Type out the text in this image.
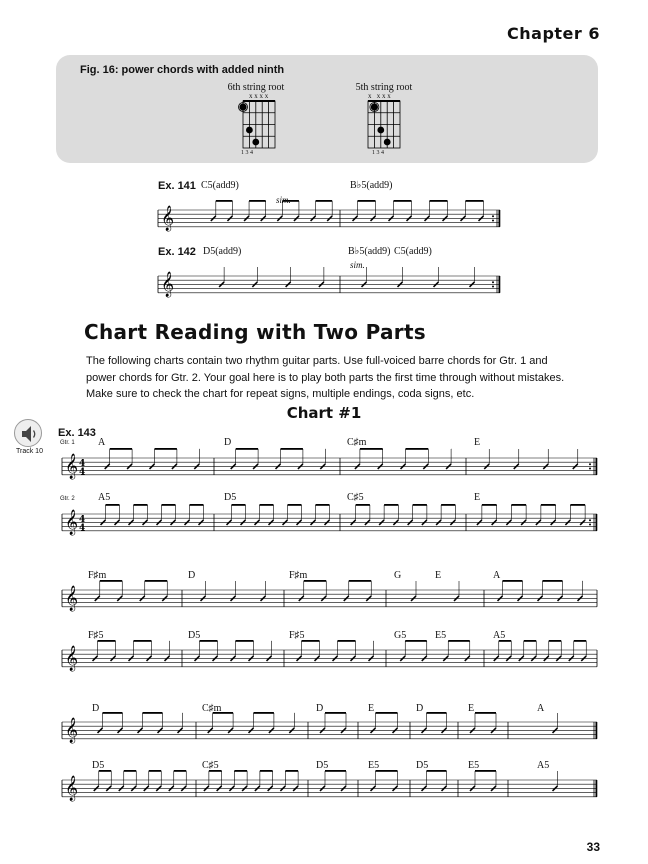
Chapter 6
Fig. 16: power chords with added ninth
6th string root	5th string root
𝄞
𝄞
𝄞 4
4
𝄞 4
4
𝄞
𝄞
𝄞
𝄞
x x x x	x   x x x
1 3 4	1 3 4
Ex. 141 C5(add9)	B♭5(add9)
sim.
Ex. 142 D5(add9)	B♭5(add9) C5(add9)
sim.
Chart Reading with Two Parts
The following charts contain two rhythm guitar parts. Use full-voiced barre chords for Gtr. 1 and power chords for Gtr. 2. Your goal here is to play both parts the first time through without mistakes. Make sure to check the chart for repeat signs, multiple endings, coda signs, etc.
Chart #1
Track 10
Ex. 143
Gtr. 1
Gtr. 2
A	D	C♯m	E
A5	D5	C♯5	E
F♯m	D	F♯m	G	E	A
F♯5	D5	F♯5	G5	E5	A5
D	C♯m	D	E	D	E	A
D5	C♯5	D5	E5	D5	E5	A5
33
